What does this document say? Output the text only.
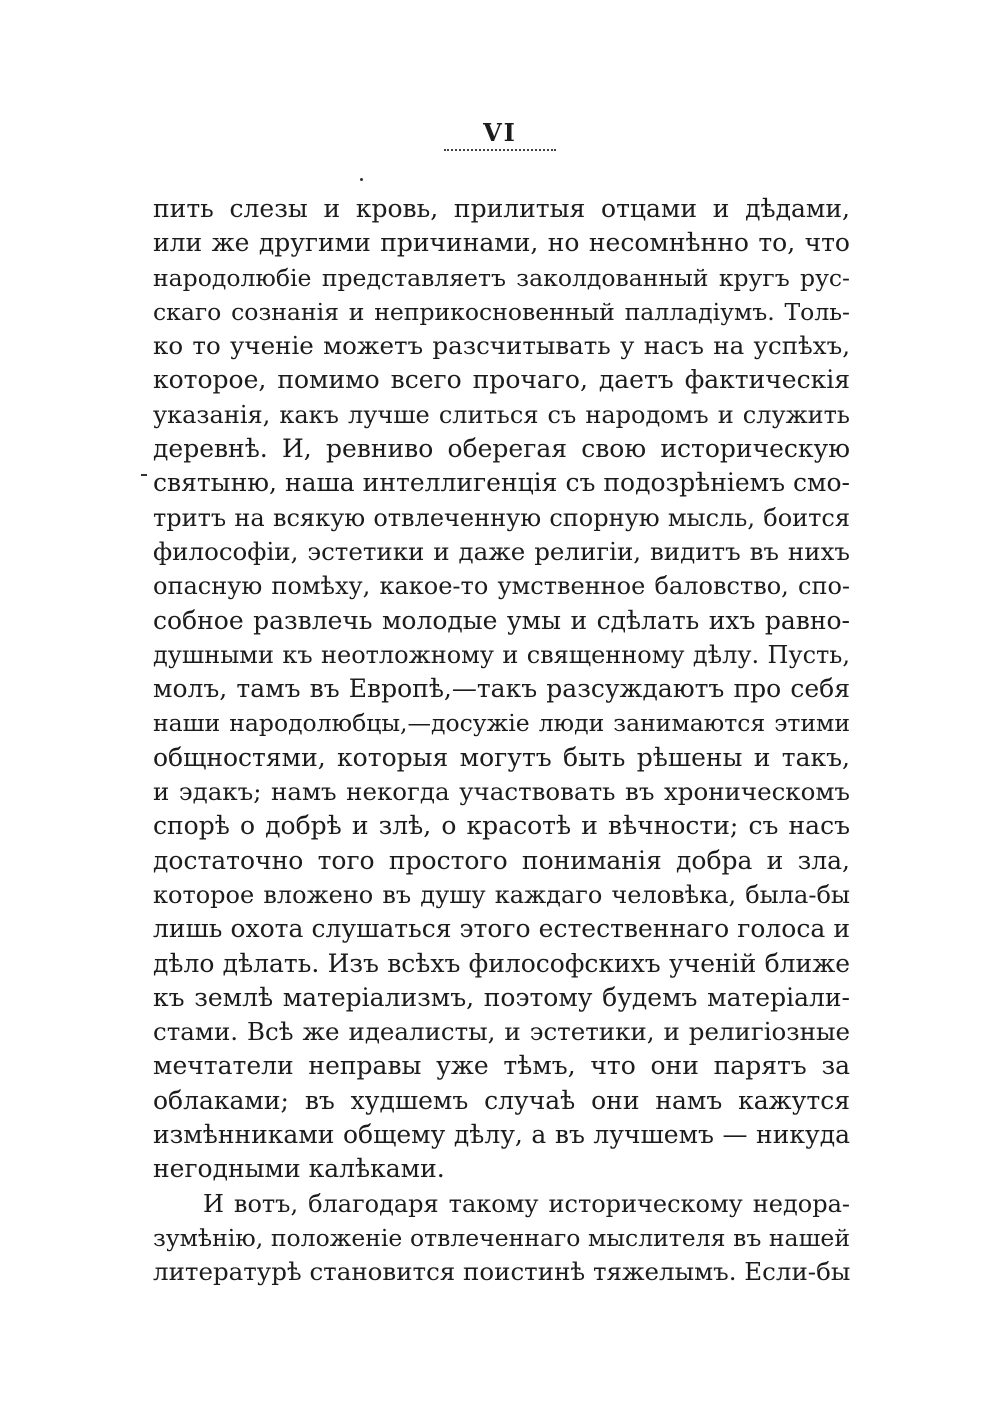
VI
пить слезы и кровь, прилитыя отцами и дѣдами,
или же другими причинами, но несомнѣнно то, что
народолюбіе представляетъ заколдованный кругъ рус-
скаго сознанія и неприкосновенный палладіумъ. Толь-
ко то ученіе можетъ разсчитывать у насъ на успѣхъ,
которое, помимо всего прочаго, даетъ фактическія
указанія, какъ лучше слиться съ народомъ и служить
деревнѣ. И, ревниво оберегая свою историческую
святыню, наша интеллигенція съ подозрѣніемъ смо-
тритъ на всякую отвлеченную спорную мысль, боится
философіи, эстетики и даже религіи, видитъ въ нихъ
опасную помѣху, какое-то умственное баловство, спо-
собное развлечь молодые умы и сдѣлать ихъ равно-
душными къ неотложному и священному дѣлу. Пусть,
молъ, тамъ въ Европѣ,—такъ разсуждаютъ про себя
наши народолюбцы,—досужіе люди занимаются этими
общностями, которыя могутъ быть рѣшены и такъ,
и эдакъ; намъ некогда участвовать въ хроническомъ
спорѣ о добрѣ и злѣ, о красотѣ и вѣчности; съ насъ
достаточно того простого пониманія добра и зла,
которое вложено въ душу каждаго человѣка, была-бы
лишь охота слушаться этого естественнаго голоса и
дѣло дѣлать. Изъ всѣхъ философскихъ ученій ближе
къ землѣ матеріализмъ, поэтому будемъ матеріали-
стами. Всѣ же идеалисты, и эстетики, и религіозные
мечтатели неправы уже тѣмъ, что они парятъ за
облаками; въ худшемъ случаѣ они намъ кажутся
измѣнниками общему дѣлу, а въ лучшемъ — никуда
негодными калѣками.
И вотъ, благодаря такому историческому недора-
зумѣнію, положеніе отвлеченнаго мыслителя въ нашей
литературѣ становится поистинѣ тяжелымъ. Если-бы
